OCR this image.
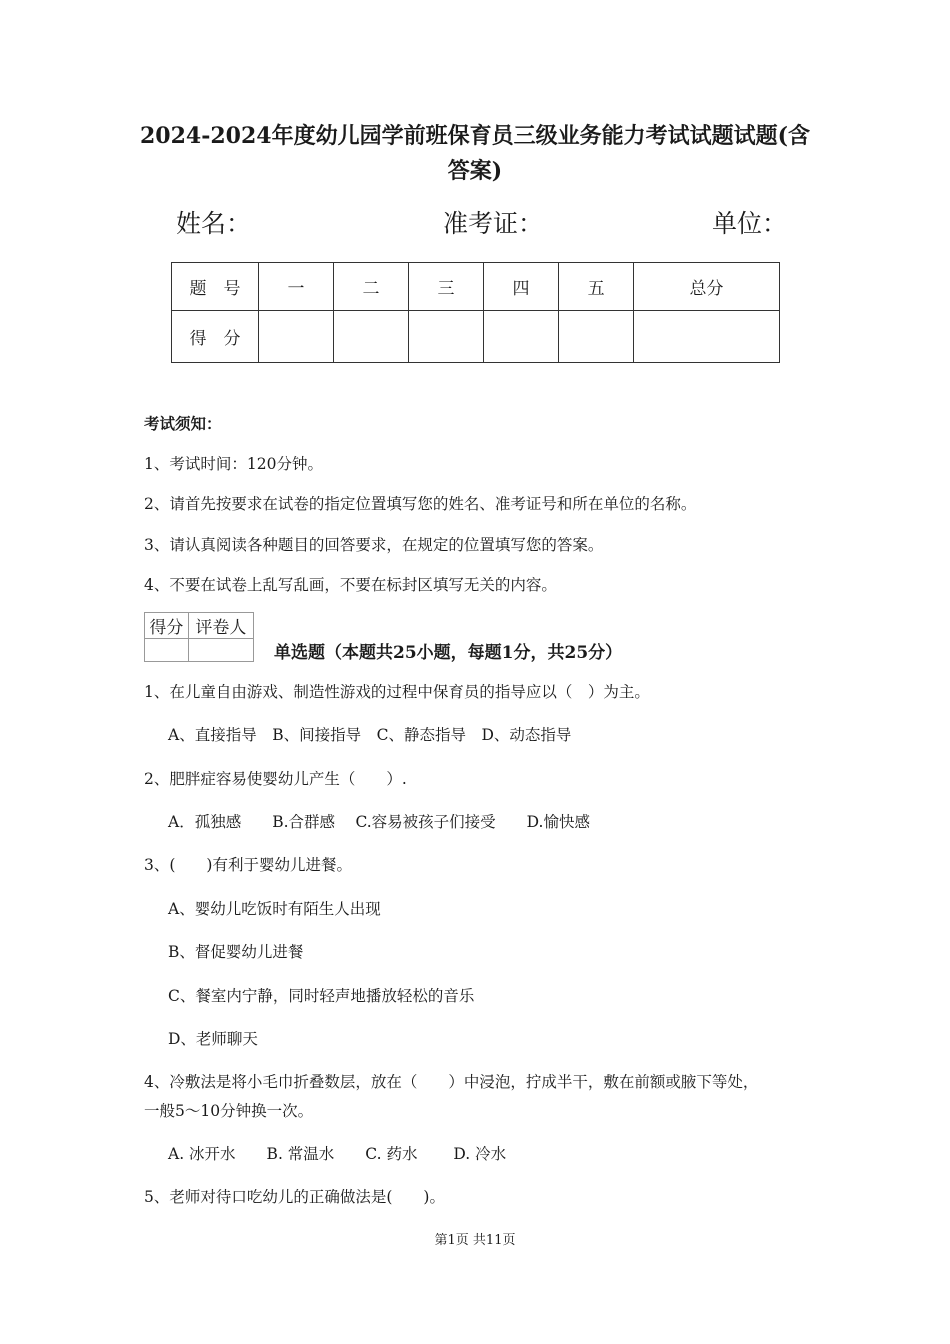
2024-2024年度幼儿园学前班保育员三级业务能力考试试题试题(含
答案)
姓名：	准考证：	单位：
题　号	一	二	三	四	五	总分
得　分						
考试须知：
1、考试时间：120分钟。
2、请首先按要求在试卷的指定位置填写您的姓名、准考证号和所在单位的名称。
3、请认真阅读各种题目的回答要求，在规定的位置填写您的答案。
4、不要在试卷上乱写乱画，不要在标封区填写无关的内容。
得分	评卷人

单选题（本题共25小题，每题1分，共25分）
1、在儿童自由游戏、制造性游戏的过程中保育员的指导应以（　）为主。
A、直接指导　B、间接指导　C、静态指导　D、动态指导
2、肥胖症容易使婴幼儿产生（　　）.
A．孤独感　　B.合群感　 C.容易被孩子们接受　　D.愉快感
3、(　　)有利于婴幼儿进餐。
A、婴幼儿吃饭时有陌生人出现
B、督促婴幼儿进餐
C、餐室内宁静，同时轻声地播放轻松的音乐
D、老师聊天
4、冷敷法是将小毛巾折叠数层，放在（　　）中浸泡，拧成半干，敷在前额或腋下等处，
一般5～10分钟换一次。
A. 冰开水　　B. 常温水　　C. 药水　　 D. 冷水
5、老师对待口吃幼儿的正确做法是(　　)。
第1页 共11页
